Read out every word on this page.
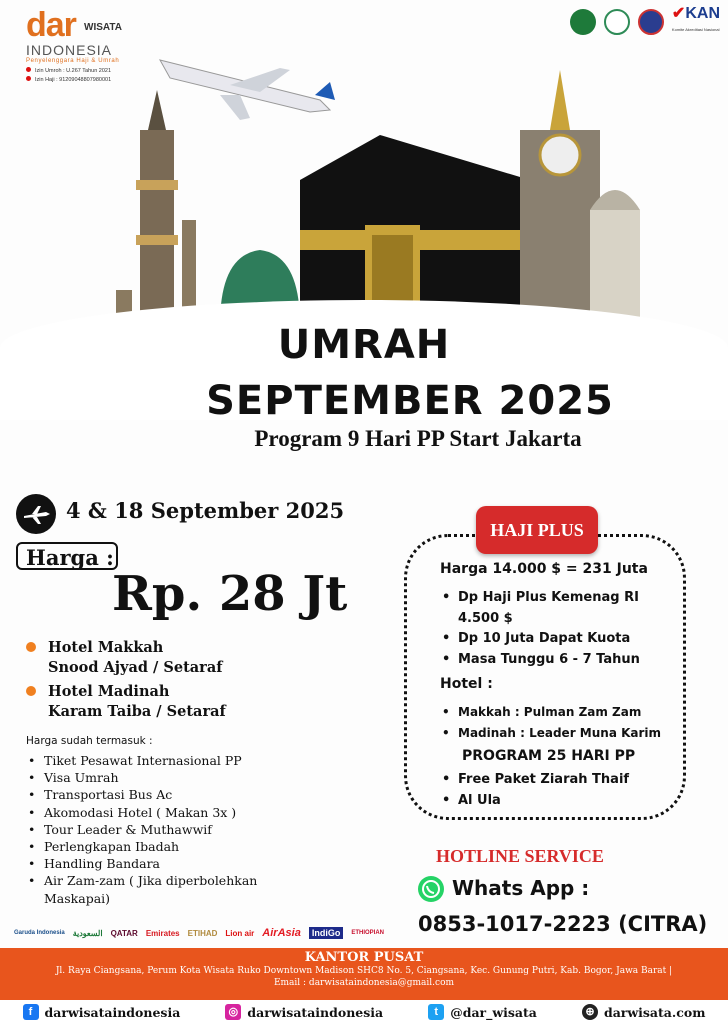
dar WISATA
INDONESIA
Penyelenggara Haji & Umrah
Izin Umroh : U.267 Tahun 2021
Izin Haji : 91209048807980001
✔KAN
Komite Akreditasi Nasional
UMRAH
SEPTEMBER 2025
Program 9 Hari PP Start Jakarta
4 & 18 September 2025
Harga :
Rp. 28 Jt
Hotel Makkah
Snood Ajyad / Setaraf
Hotel Madinah
Karam Taiba / Setaraf
Harga sudah termasuk :
• Tiket Pesawat Internasional PP
• Visa Umrah
• Transportasi Bus Ac
• Akomodasi Hotel ( Makan 3x )
• Tour Leader & Muthawwif
• Perlengkapan Ibadah
• Handling Bandara
• Air Zam-zam ( Jika diperbolehkan Maskapai)
HAJI PLUS
Harga 14.000 $ = 231 Juta
• Dp Haji Plus Kemenag RI 4.500 $
• Dp 10 Juta Dapat Kuota
• Masa Tunggu 6 - 7 Tahun
Hotel :
• Makkah : Pulman Zam Zam
• Madinah : Leader Muna Karim
PROGRAM 25 HARI PP
• Free Paket Ziarah Thaif
• Al Ula
HOTLINE SERVICE
Whats App :
0853-1017-2223 (CITRA)
Garuda Indonesia السعودية QATAR Emirates ETIHAD Lion air AirAsia	IndiGo	ETHIOPIAN
KANTOR PUSAT
Jl. Raya Ciangsana, Perum Kota Wisata Ruko Downtown Madison SHC8 No. 5, Ciangsana, Kec. Gunung Putri, Kab. Bogor, Jawa Barat |
Email : darwisataindonesia@gmail.com
f darwisataindonesia	◎ darwisataindonesia	t @dar_wisata	⊕ darwisata.com
